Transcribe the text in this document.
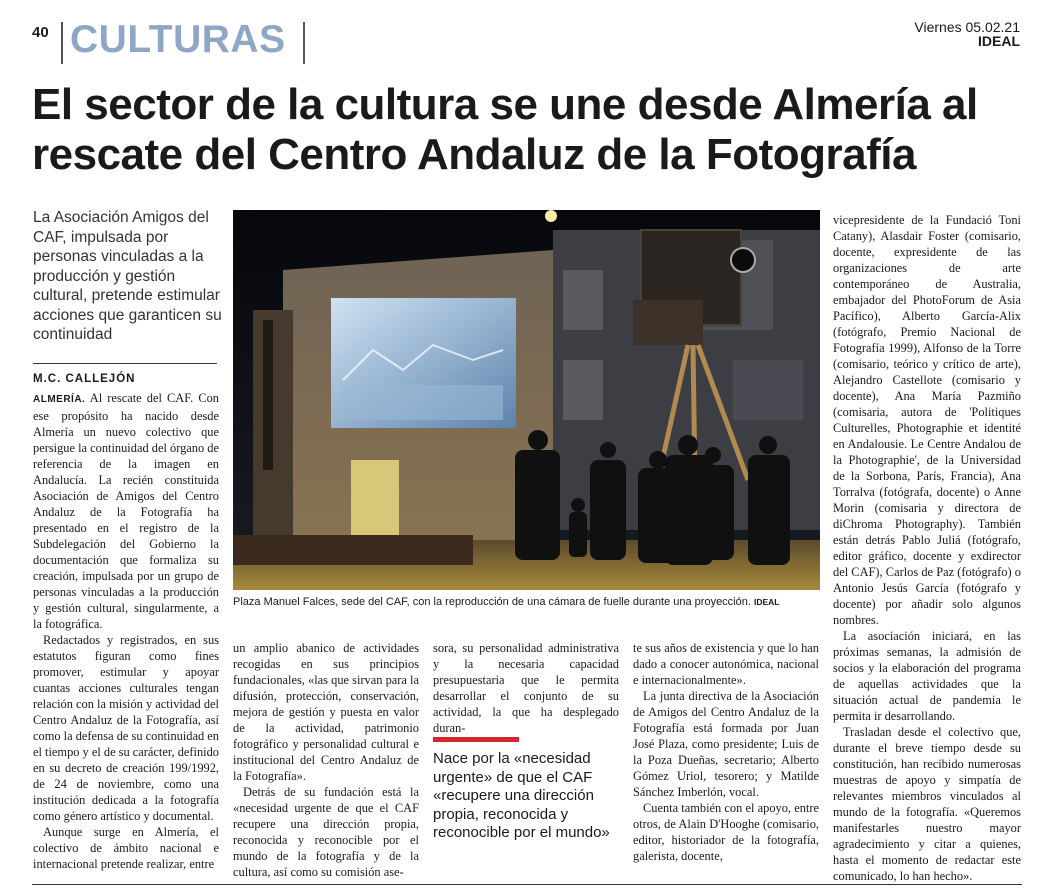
40 CULTURAS	Viernes 05.02.21
IDEAL
El sector de la cultura se une desde Almería al rescate del Centro Andaluz de la Fotografía
La Asociación Amigos del CAF, impulsada por personas vinculadas a la producción y gestión cultural, pretende estimular acciones que garanticen su continuidad
M.C. CALLEJÓN

ALMERÍA. Al rescate del CAF. Con ese propósito ha nacido desde Almería un nuevo colectivo que persigue la continuidad del órgano de referencia de la imagen en Andalucía. La recién constituida Asociación de Amigos del Centro Andaluz de la Fotografía ha presentado en el registro de la Subdelegación del Gobierno la documentación que formaliza su creación, impulsada por un grupo de personas vinculadas a la producción y gestión cultural, singularmente, a la fotográfica.

Redactados y registrados, en sus estatutos figuran como fines promover, estimular y apoyar cuantas acciones culturales tengan relación con la misión y actividad del Centro Andaluz de la Fotografía, así como la defensa de su continuidad en el tiempo y el de su carácter, definido en su decreto de creación 199/1992, de 24 de noviembre, como una institución dedicada a la fotografía como género artístico y documental.

Aunque surge en Almería, el colectivo de ámbito nacional e internacional pretende realizar, entre

Plaza Manuel Falces, sede del CAF, con la reproducción de una cámara de fuelle durante una proyección. IDEAL

un amplio abanico de actividades recogidas en sus principios fundacionales, «las que sirvan para la difusión, protección, conservación, mejora de gestión y puesta en valor de la actividad, patrimonio fotográfico y personalidad cultural e institucional del Centro Andaluz de la Fotografía».

Detrás de su fundación está la «necesidad urgente de que el CAF recupere una dirección propia, reconocida y reconocible por el mundo de la fotografía y de la cultura, así como su comisión ase-

sora, su personalidad administrativa y la necesaria capacidad presupuestaria que le permita desarrollar el conjunto de su actividad, la que ha desplegado duran-

Nace por la «necesidad urgente» de que el CAF «recupere una dirección propia, reconocida y reconocible por el mundo»

te sus años de existencia y que lo han dado a conocer autonómica, nacional e internacionalmente».

La junta directiva de la Asociación de Amigos del Centro Andaluz de la Fotografía está formada por Juan José Plaza, como presidente; Luis de la Poza Dueñas, secretario; Alberto Gómez Uriol, tesorero; y Matilde Sánchez Imberlón, vocal.

Cuenta también con el apoyo, entre otros, de Alain D'Hooghe (comisario, editor, historiador de la fotografía, galerista, docente,

vicepresidente de la Fundació Toni Catany), Alasdair Foster (comisario, docente, expresidente de las organizaciones de arte contemporáneo de Australia, embajador del PhotoForum de Asia Pacífico), Alberto García-Alix (fotógrafo, Premio Nacional de Fotografía 1999), Alfonso de la Torre (comisario, teórico y crítico de arte), Alejandro Castellote (comisario y docente), Ana María Pazmiño (comisaria, autora de 'Politiques Culturelles, Photographie et identité en Andalousie. Le Centre Andalou de la Photographie', de la Universidad de la Sorbona, París, Francia), Ana Torralva (fotógrafa, docente) o Anne Morin (comisaria y directora de diChroma Photography). También están detrás Pablo Juliá (fotógrafo, editor gráfico, docente y exdirector del CAF), Carlos de Paz (fotógrafo) o Antonio Jesús García (fotógrafo y docente) por añadir solo algunos nombres.

La asociación iniciará, en las próximas semanas, la admisión de socios y la elaboración del programa de aquellas actividades que la situación actual de pandemia le permita ir desarrollando.

Trasladan desde el colectivo que, durante el breve tiempo desde su constitución, han recibido numerosas muestras de apoyo y simpatía de relevantes miembros vinculados al mundo de la fotografía. «Queremos manifestarles nuestro mayor agradecimiento y citar a quienes, hasta el momento de redactar este comunicado, lo han hecho».
